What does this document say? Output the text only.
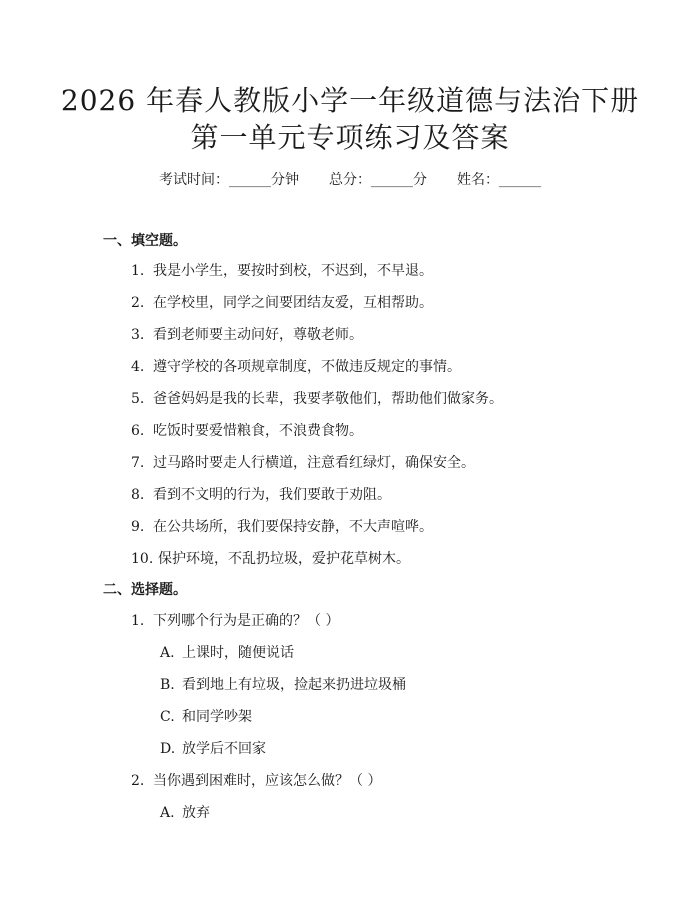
2026 年春人教版小学一年级道德与法治下册
第一单元专项练习及答案
考试时间：______分钟 总分：______分 姓名：______
一、填空题。
1. 我是小学生，要按时到校，不迟到，不早退。
2. 在学校里，同学之间要团结友爱，互相帮助。
3. 看到老师要主动问好，尊敬老师。
4. 遵守学校的各项规章制度，不做违反规定的事情。
5. 爸爸妈妈是我的长辈，我要孝敬他们，帮助他们做家务。
6. 吃饭时要爱惜粮食，不浪费食物。
7. 过马路时要走人行横道，注意看红绿灯，确保安全。
8. 看到不文明的行为，我们要敢于劝阻。
9. 在公共场所，我们要保持安静，不大声喧哗。
10. 保护环境，不乱扔垃圾，爱护花草树木。
二、选择题。
1. 下列哪个行为是正确的？（ ）
A. 上课时，随便说话
B. 看到地上有垃圾，捡起来扔进垃圾桶
C. 和同学吵架
D. 放学后不回家
2. 当你遇到困难时，应该怎么做？（ ）
A. 放弃
